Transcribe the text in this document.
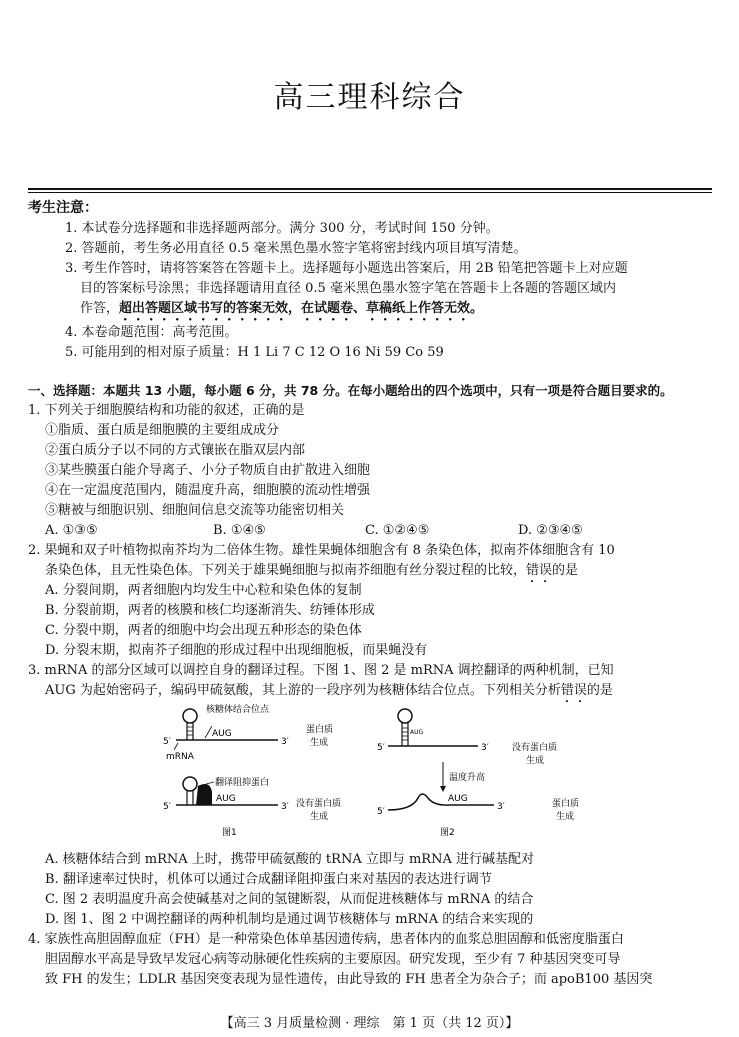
高三理科综合
考生注意：
1. 本试卷分选择题和非选择题两部分。满分 300 分，考试时间 150 分钟。
2. 答题前，考生务必用直径 0.5 毫米黑色墨水签字笔将密封线内项目填写清楚。
3. 考生作答时，请将答案答在答题卡上。选择题每小题选出答案后，用 2B 铅笔把答题卡上对应题
目的答案标号涂黑；非选择题请用直径 0.5 毫米黑色墨水签字笔在答题卡上各题的答题区域内
作答，超出答题区域书写的答案无效，在试题卷、草稿纸上作答无效。
4. 本卷命题范围：高考范围。
5. 可能用到的相对原子质量：H 1 Li 7 C 12 O 16 Ni 59 Co 59
一、选择题：本题共 13 小题，每小题 6 分，共 78 分。在每小题给出的四个选项中，只有一项是符合题目要求的。
1. 下列关于细胞膜结构和功能的叙述，正确的是
①脂质、蛋白质是细胞膜的主要组成成分
②蛋白质分子以不同的方式镶嵌在脂双层内部
③某些膜蛋白能介导离子、小分子物质自由扩散进入细胞
④在一定温度范围内，随温度升高，细胞膜的流动性增强
⑤糖被与细胞识别、细胞间信息交流等功能密切相关
A. ①③⑤	B. ①④⑤	C. ①②④⑤	D. ②③④⑤
2. 果蝇和双子叶植物拟南芥均为二倍体生物。雄性果蝇体细胞含有 8 条染色体，拟南芥体细胞含有 10
条染色体，且无性染色体。下列关于雄果蝇细胞与拟南芥细胞有丝分裂过程的比较，错误的是
A. 分裂间期，两者细胞内均发生中心粒和染色体的复制
B. 分裂前期，两者的核膜和核仁均逐渐消失、纺锤体形成
C. 分裂中期，两者的细胞中均会出现五种形态的染色体
D. 分裂末期，拟南芥子细胞的形成过程中出现细胞板，而果蝇没有
3. mRNA 的部分区域可以调控自身的翻译过程。下图 1、图 2 是 mRNA 调控翻译的两种机制，已知
AUG 为起始密码子，编码甲硫氨酸，其上游的一段序列为核糖体结合位点。下列相关分析错误的是
5′	3′
核糖体结合位点
AUG
mRNA
蛋白质
生成
5′	3′
AUG
翻译阻抑蛋白
没有蛋白质
生成
图1
AUG
5′	3′	没有蛋白质
生成
温度升高
5′	3′
AUG	蛋白质
生成
图2
A. 核糖体结合到 mRNA 上时，携带甲硫氨酸的 tRNA 立即与 mRNA 进行碱基配对
B. 翻译速率过快时，机体可以通过合成翻译阻抑蛋白来对基因的表达进行调节
C. 图 2 表明温度升高会使碱基对之间的氢键断裂，从而促进核糖体与 mRNA 的结合
D. 图 1、图 2 中调控翻译的两种机制均是通过调节核糖体与 mRNA 的结合来实现的
4. 家族性高胆固醇血症（FH）是一种常染色体单基因遗传病，患者体内的血浆总胆固醇和低密度脂蛋白
胆固醇水平高是导致早发冠心病等动脉硬化性疾病的主要原因。研究发现，至少有 7 种基因突变可导
致 FH 的发生；LDLR 基因突变表现为显性遗传，由此导致的 FH 患者全为杂合子；而 apoB100 基因突
【高三 3 月质量检测 · 理综　第 1 页（共 12 页）】
